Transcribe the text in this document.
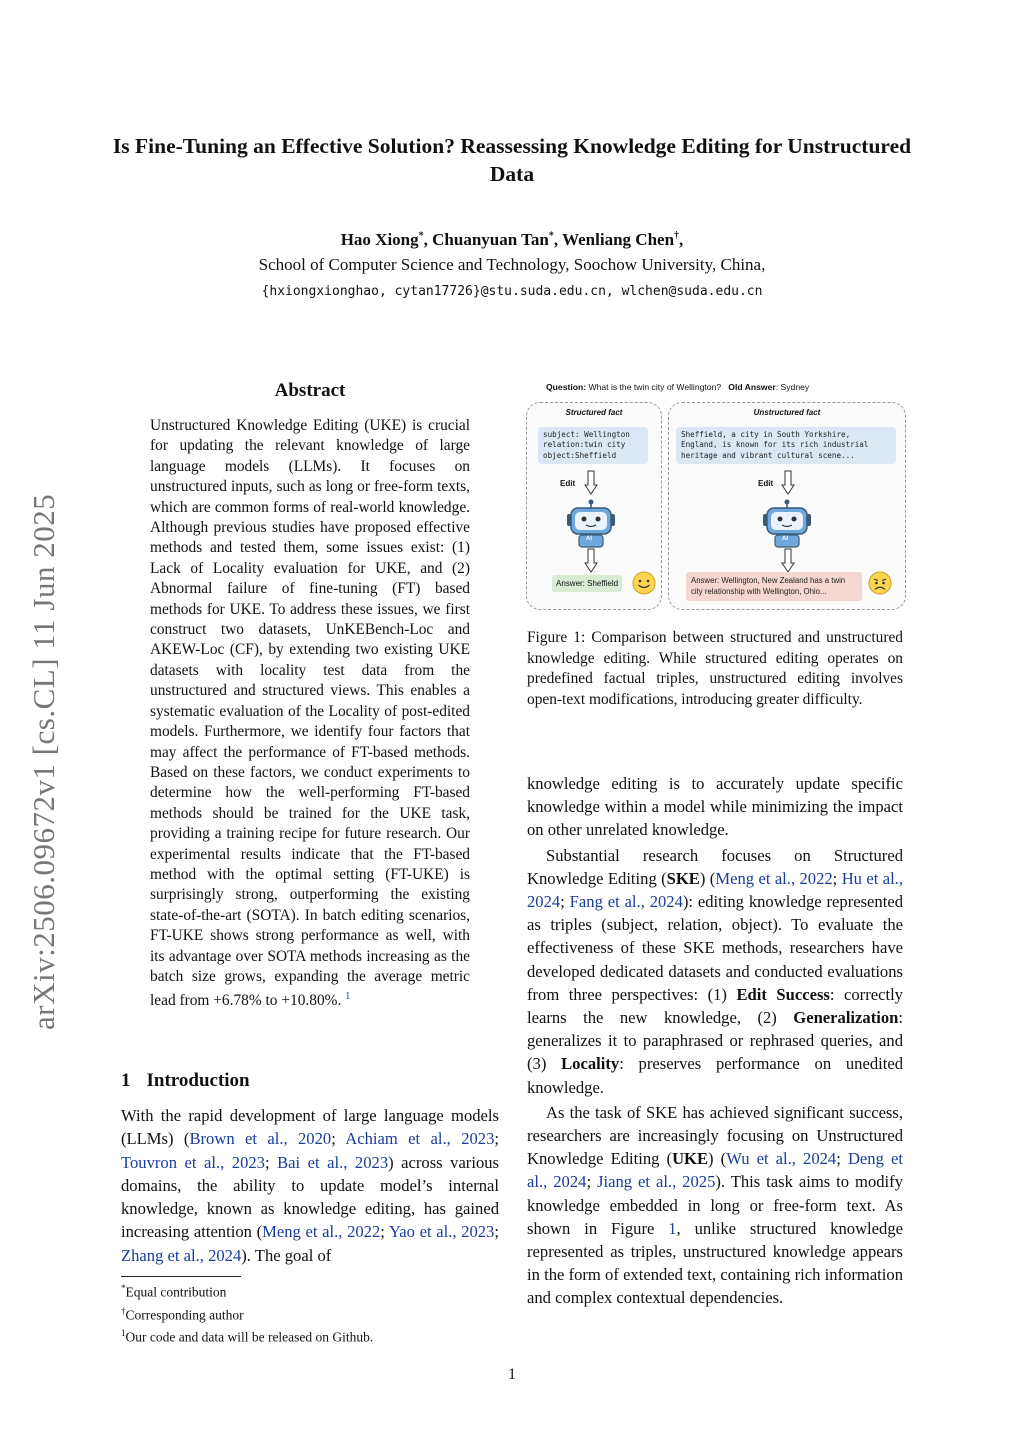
Is Fine-Tuning an Effective Solution? Reassessing Knowledge Editing for Unstructured Data
Hao Xiong*, Chuanyuan Tan*, Wenliang Chen†,
School of Computer Science and Technology, Soochow University, China,
{hxiongxionghao, cytan17726}@stu.suda.edu.cn, wlchen@suda.edu.cn
arXiv:2506.09672v1 [cs.CL] 11 Jun 2025
Abstract
Unstructured Knowledge Editing (UKE) is crucial for updating the relevant knowledge of large language models (LLMs). It focuses on unstructured inputs, such as long or free-form texts, which are common forms of real-world knowledge. Although previous studies have proposed effective methods and tested them, some issues exist: (1) Lack of Locality evaluation for UKE, and (2) Abnormal failure of fine-tuning (FT) based methods for UKE. To address these issues, we first construct two datasets, UnKEBench-Loc and AKEW-Loc (CF), by extending two existing UKE datasets with locality test data from the unstructured and structured views. This enables a systematic evaluation of the Locality of post-edited models. Furthermore, we identify four factors that may affect the performance of FT-based methods. Based on these factors, we conduct experiments to determine how the well-performing FT-based methods should be trained for the UKE task, providing a training recipe for future research. Our experimental results indicate that the FT-based method with the optimal setting (FT-UKE) is surprisingly strong, outperforming the existing state-of-the-art (SOTA). In batch editing scenarios, FT-UKE shows strong performance as well, with its advantage over SOTA methods increasing as the batch size grows, expanding the average metric lead from +6.78% to +10.80%. $^1$
1 Introduction
With the rapid development of large language models (LLMs) (Brown et al., 2020; Achiam et al., 2023; Touvron et al., 2023; Bai et al., 2023) across various domains, the ability to update model’s internal knowledge, known as knowledge editing, has gained increasing attention (Meng et al., 2022; Yao et al., 2023; Zhang et al., 2024). The goal of
*Equal contribution
†Corresponding author
$^1$Our code and data will be released on Github.
Question: What is the twin city of Wellington? Old Answer: Sydney
Structured fact
subject: Wellington
relation:twin city
object:Sheffield
Edit
AI
Answer: Sheffield
Unstructured fact
Sheffield, a city in South Yorkshire, England, is known for its rich industrial heritage and vibrant cultural scene...
Edit
AI
Answer: Wellington, New Zealand has a twin city relationship with Wellington, Ohio...
Figure 1: Comparison between structured and unstructured knowledge editing. While structured editing operates on predefined factual triples, unstructured editing involves open-text modifications, introducing greater difficulty.

knowledge editing is to accurately update specific knowledge within a model while minimizing the impact on other unrelated knowledge.

Substantial research focuses on Structured Knowledge Editing (SKE) (Meng et al., 2022; Hu et al., 2024; Fang et al., 2024): editing knowledge represented as triples (subject, relation, object). To evaluate the effectiveness of these SKE methods, researchers have developed dedicated datasets and conducted evaluations from three perspectives: (1) Edit Success: correctly learns the new knowledge, (2) Generalization: generalizes it to paraphrased or rephrased queries, and (3) Locality: preserves performance on unedited knowledge.

As the task of SKE has achieved significant success, researchers are increasingly focusing on Unstructured Knowledge Editing (UKE) (Wu et al., 2024; Deng et al., 2024; Jiang et al., 2025). This task aims to modify knowledge embedded in long or free-form text. As shown in Figure 1, unlike structured knowledge represented as triples, unstructured knowledge appears in the form of extended text, containing rich information and complex contextual dependencies.

1
